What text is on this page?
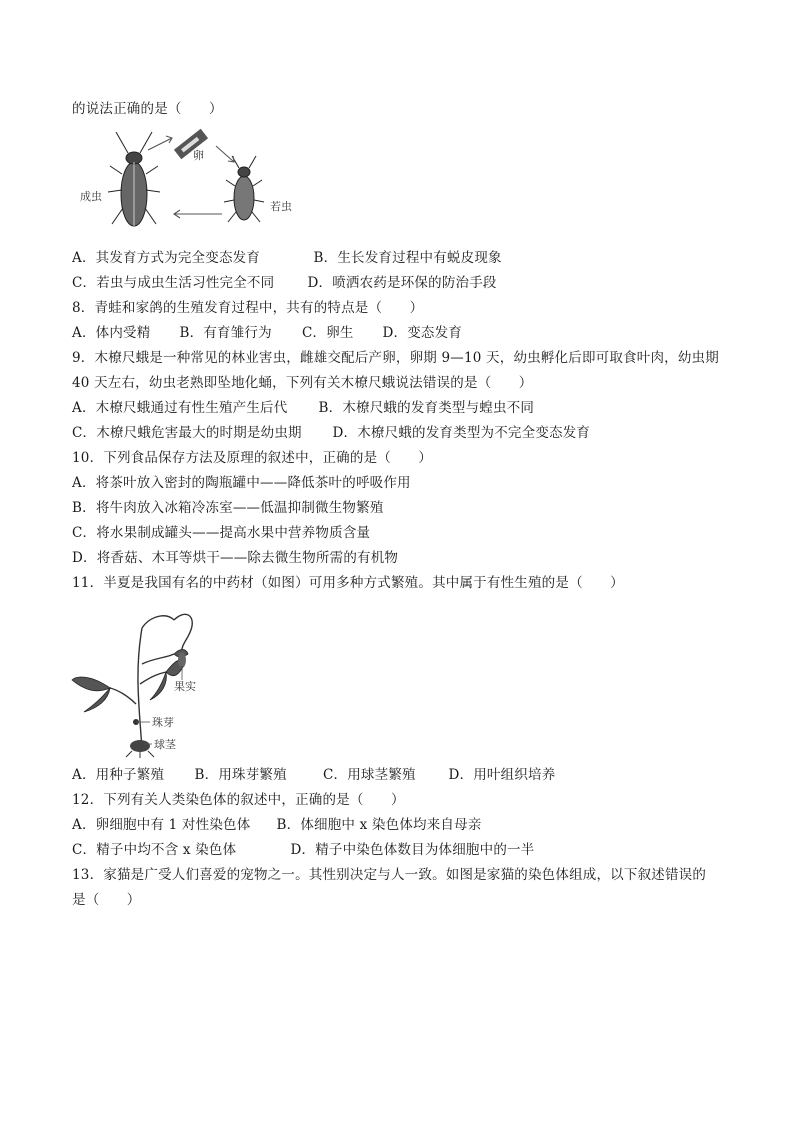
的说法正确的是（　　）
成虫
卵
若虫
A．其发育方式为完全变态发育	B．生长发育过程中有蜕皮现象
C．若虫与成虫生活习性完全不同 D．喷洒农药是环保的防治手段
8．青蛙和家鸽的生殖发育过程中，共有的特点是（　　）
A．体内受精 B．有育雏行为 C．卵生 D．变态发育
9．木橑尺蛾是一种常见的林业害虫，雌雄交配后产卵，卵期 9—10 天，幼虫孵化后即可取食叶肉，幼虫期
40 天左右，幼虫老熟即坠地化蛹，下列有关木橑尺蛾说法错误的是（　　）
A．木橑尺蛾通过有性生殖产生后代 B．木橑尺蛾的发育类型与蝗虫不同
C．木橑尺蛾危害最大的时期是幼虫期 D．木橑尺蛾的发育类型为不完全变态发育
10．下列食品保存方法及原理的叙述中，正确的是（　　）
A．将茶叶放入密封的陶瓶罐中——降低茶叶的呼吸作用
B．将牛肉放入冰箱冷冻室——低温抑制微生物繁殖
C．将水果制成罐头——提高水果中营养物质含量
D．将香菇、木耳等烘干——除去微生物所需的有机物
11．半夏是我国有名的中药材（如图）可用多种方式繁殖。其中属于有性生殖的是（　　）
果实
珠芽
球茎
A．用种子繁殖 B．用珠芽繁殖	C．用球茎繁殖 D．用叶组织培养
12．下列有关人类染色体的叙述中，正确的是（　　）
A．卵细胞中有 1 对性染色体 B．体细胞中 x 染色体均来自母亲
C．精子中均不含 x 染色体	D．精子中染色体数目为体细胞中的一半
13．家猫是广受人们喜爱的宠物之一。其性别决定与人一致。如图是家猫的染色体组成，以下叙述错误的
是（　　）
